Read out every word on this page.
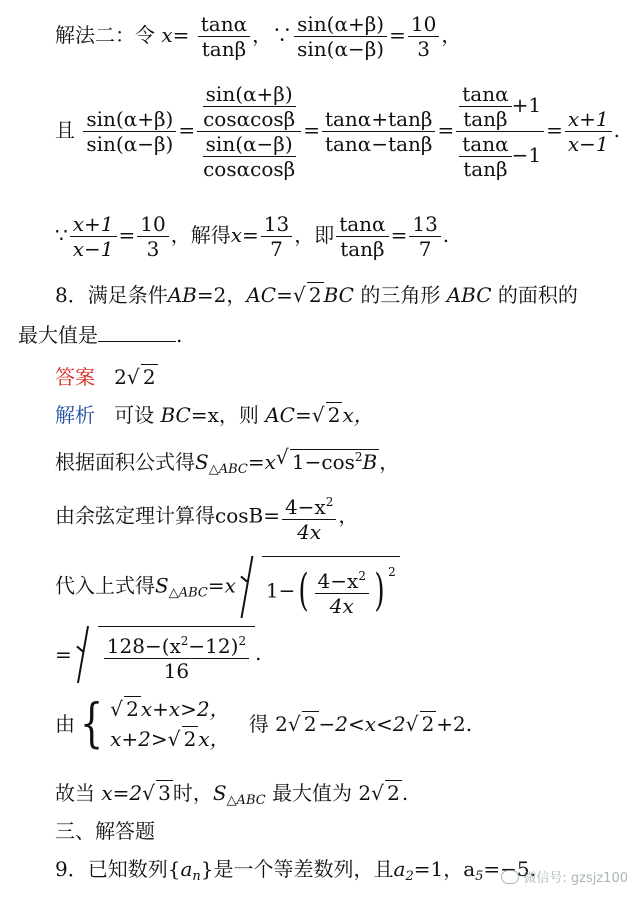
解法二：令 $x= \frac{\tan\alpha}{\tan\beta}$ ，∵ $\frac{\sin(\alpha+\beta)}{\sin(\alpha-\beta)} = \frac{10}{3}$ ，
且 $\frac{\sin(\alpha+\beta)}{\sin(\alpha-\beta)} = \frac{\frac{\sin(\alpha+\beta)}{\cos\alpha\cos\beta}}{\frac{\sin(\alpha-\beta)}{\cos\alpha\cos\beta}} = \frac{\tan\alpha+\tan\beta}{\tan\alpha-\tan\beta} = \frac{\frac{\tan\alpha}{\tan\beta} +1}{\frac{\tan\alpha}{\tan\beta} -1} = \frac{x+1}{x-1}$ .
∵ $\frac{x+1}{x-1} = \frac{10}{3}$ ，解得$x= \frac{13}{7}$ ，即 $\frac{\tan\alpha}{\tan\beta} = \frac{13}{7}$ .
8．满足条件AB=2，AC=√ 2 BC 的三角形 ABC 的面积的
最大值是	.
答案 2√ 2
解析 可设 BC=x，则 AC=√ 2 x，
根据面积公式得$S_{\triangle ABC}=x√$ $1-\cos^2B$ ，
由余弦定理计算得$\cos B= \frac{4-x^2}{4x}$ ，
代入上式得$S_{\triangle ABC}=x$ $1-( \frac{4-x^2}{4x}$ ) $^2$
= $\frac{128-(x^2-12)^2}{16}$ .
由 {
√	2 x+x>2，
x+2>√ 2 x，
得 2√ 2 −2<x<2√ 2 +2.
故当 x=2√ 3 时，$S_{\triangle ABC}$ 最大值为 2√ 2 .
三、解答题
9．已知数列$\{a_n\}$是一个等差数列，且$a_2=1$，$a_5=-5$.
微信号: gzsjz100
